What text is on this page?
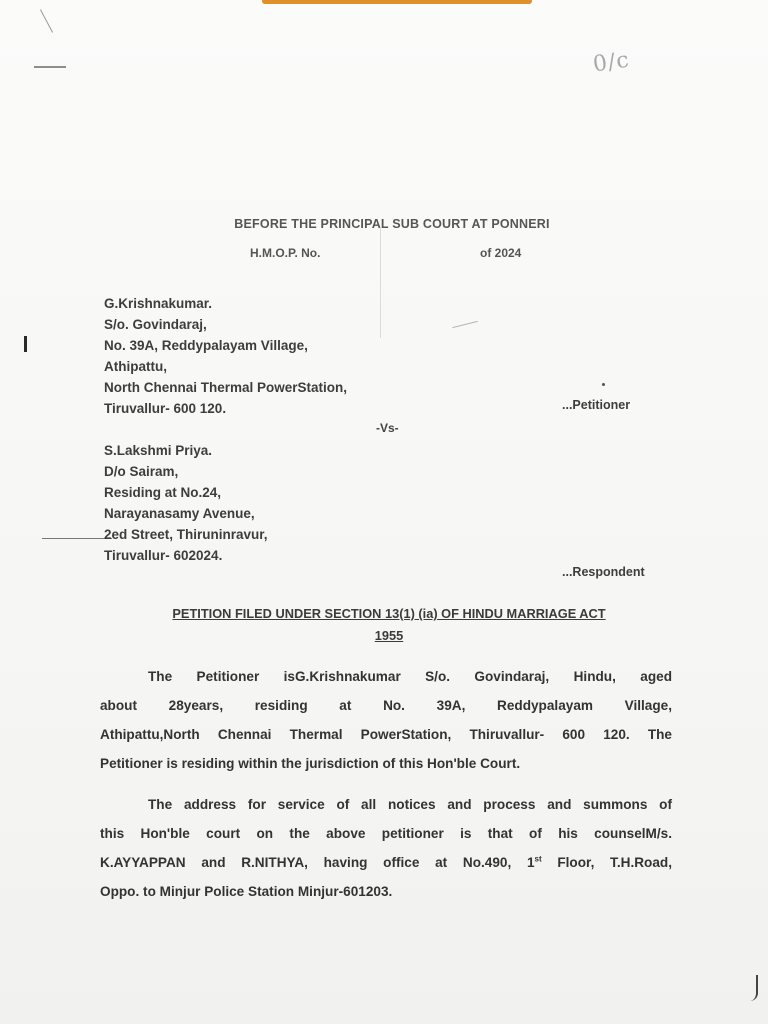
0/c
BEFORE THE PRINCIPAL SUB COURT AT PONNERI
H.M.O.P. No.	of 2024
G.Krishnakumar.
S/o. Govindaraj,
No. 39A, Reddypalayam Village,
Athipattu,
North Chennai Thermal PowerStation,
Tiruvallur- 600 120.	...Petitioner
-Vs-
S.Lakshmi Priya.
D/o Sairam,
Residing at No.24,
Narayanasamy Avenue,
2ed Street, Thiruninravur,
Tiruvallur- 602024.
...Respondent
PETITION FILED UNDER SECTION 13(1) (ia) OF HINDU MARRIAGE ACT
1955
The Petitioner isG.Krishnakumar S/o. Govindaraj, Hindu, aged
about 28years, residing at No. 39A, Reddypalayam Village,
Athipattu,North Chennai Thermal PowerStation, Thiruvallur- 600 120. The
Petitioner is residing within the jurisdiction of this Hon'ble Court.
The address for service of all notices and process and summons of
this Hon'ble court on the above petitioner is that of his counselM/s.
K.AYYAPPAN and R.NITHYA, having office at No.490, 1st Floor, T.H.Road,
Oppo. to Minjur Police Station Minjur-601203.
